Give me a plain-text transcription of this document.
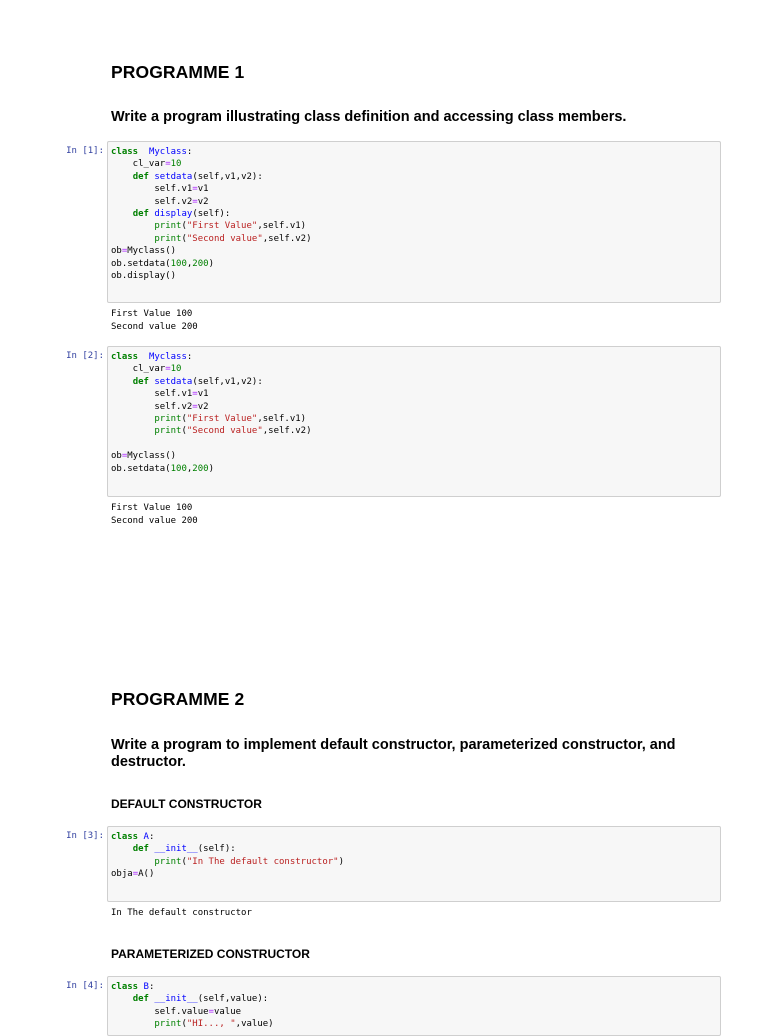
PROGRAMME 1
Write a program illustrating class definition and accessing class members.
In [1]: class Myclass:
cl_var=10
def setdata(self,v1,v2):
self.v1=v1
self.v2=v2
def display(self):
print("First Value",self.v1)
print("Second value",self.v2)
ob=Myclass()
ob.setdata(100,200)
ob.display()
First Value 100
Second value 200
In [2]: class Myclass:
cl_var=10
def setdata(self,v1,v2):
self.v1=v1
self.v2=v2
print("First Value",self.v1)
print("Second value",self.v2)
ob=Myclass()
ob.setdata(100,200)
First Value 100
Second value 200
PROGRAMME 2
Write a program to implement default constructor, parameterized constructor, and destructor.
DEFAULT CONSTRUCTOR
In [3]: class A:
def __init__(self):
print("In The default constructor")
obja=A()
In The default constructor
PARAMETERIZED CONSTRUCTOR
In [4]: class B:
def __init__(self,value):
self.value=value
print("HI..., ",value)
